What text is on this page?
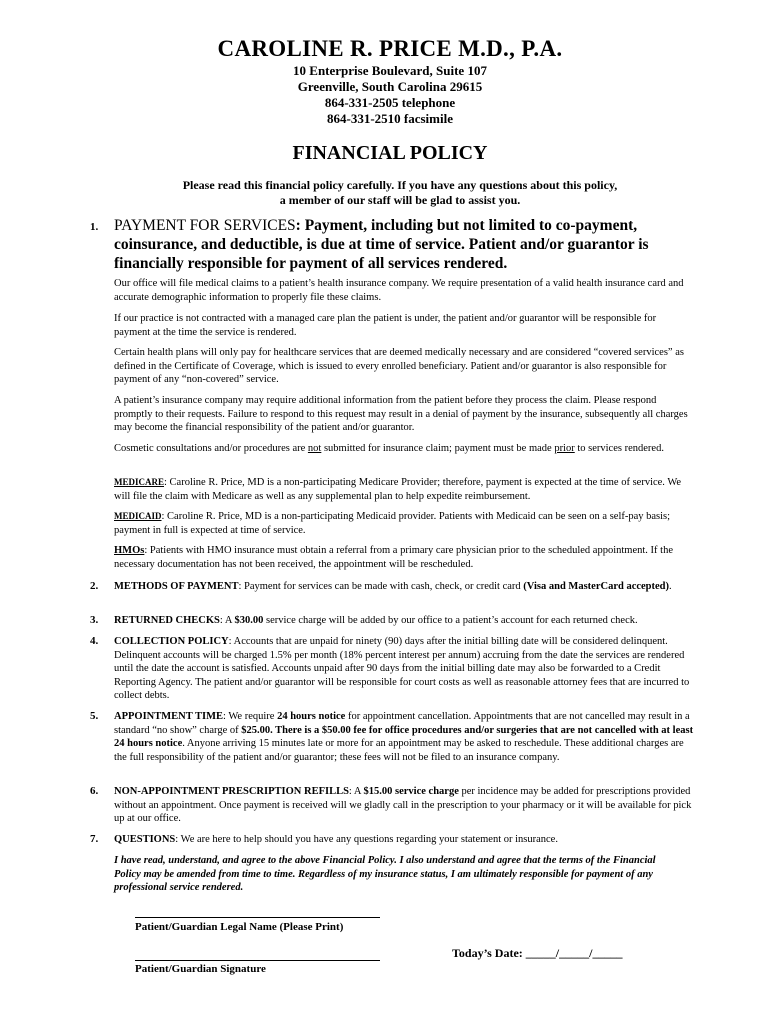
CAROLINE R. PRICE M.D., P.A.
10 Enterprise Boulevard, Suite 107
Greenville, South Carolina 29615
864-331-2505 telephone
864-331-2510 facsimile
FINANCIAL POLICY
Please read this financial policy carefully. If you have any questions about this policy,
a member of our staff will be glad to assist you.
1. PAYMENT FOR SERVICES: Payment, including but not limited to co-payment, coinsurance, and deductible, is due at time of service. Patient and/or guarantor is financially responsible for payment of all services rendered.
Our office will file medical claims to a patient’s health insurance company. We require presentation of a valid health insurance card and accurate demographic information to properly file these claims.
If our practice is not contracted with a managed care plan the patient is under, the patient and/or guarantor will be responsible for payment at the time the service is rendered.
Certain health plans will only pay for healthcare services that are deemed medically necessary and are considered “covered services” as defined in the Certificate of Coverage, which is issued to every enrolled beneficiary. Patient and/or guarantor is also responsible for payment of any “non-covered” service.
A patient’s insurance company may require additional information from the patient before they process the claim. Please respond promptly to their requests. Failure to respond to this request may result in a denial of payment by the insurance, subsequently all charges may become the financial responsibility of the patient and/or guarantor.
Cosmetic consultations and/or procedures are not submitted for insurance claim; payment must be made prior to services rendered.
MEDICARE: Caroline R. Price, MD is a non-participating Medicare Provider; therefore, payment is expected at the time of service. We will file the claim with Medicare as well as any supplemental plan to help expedite reimbursement.
MEDICAID: Caroline R. Price, MD is a non-participating Medicaid provider. Patients with Medicaid can be seen on a self-pay basis; payment in full is expected at time of service.
HMOs: Patients with HMO insurance must obtain a referral from a primary care physician prior to the scheduled appointment. If the necessary documentation has not been received, the appointment will be rescheduled.
2. METHODS OF PAYMENT: Payment for services can be made with cash, check, or credit card (Visa and MasterCard accepted).
3. RETURNED CHECKS: A $30.00 service charge will be added by our office to a patient’s account for each returned check.
4. COLLECTION POLICY: Accounts that are unpaid for ninety (90) days after the initial billing date will be considered delinquent. Delinquent accounts will be charged 1.5% per month (18% percent interest per annum) accruing from the date the services are rendered until the date the account is satisfied. Accounts unpaid after 90 days from the initial billing date may also be forwarded to a Credit Reporting Agency. The patient and/or guarantor will be responsible for court costs as well as reasonable attorney fees that are incurred to collect debts.
5. APPOINTMENT TIME: We require 24 hours notice for appointment cancellation. Appointments that are not cancelled may result in a standard “no show” charge of $25.00. There is a $50.00 fee for office procedures and/or surgeries that are not cancelled with at least 24 hours notice. Anyone arriving 15 minutes late or more for an appointment may be asked to reschedule. These additional charges are the full responsibility of the patient and/or guarantor; these fees will not be filed to an insurance company.
6. NON-APPOINTMENT PRESCRIPTION REFILLS: A $15.00 service charge per incidence may be added for prescriptions provided without an appointment. Once payment is received will we gladly call in the prescription to your pharmacy or it will be available for pick up at our office.
7. QUESTIONS: We are here to help should you have any questions regarding your statement or insurance.
I have read, understand, and agree to the above Financial Policy. I also understand and agree that the terms of the Financial Policy may be amended from time to time. Regardless of my insurance status, I am ultimately responsible for payment of any professional service rendered.
Patient/Guardian Legal Name (Please Print)
Patient/Guardian Signature
Today’s Date: _____/_____/_____
